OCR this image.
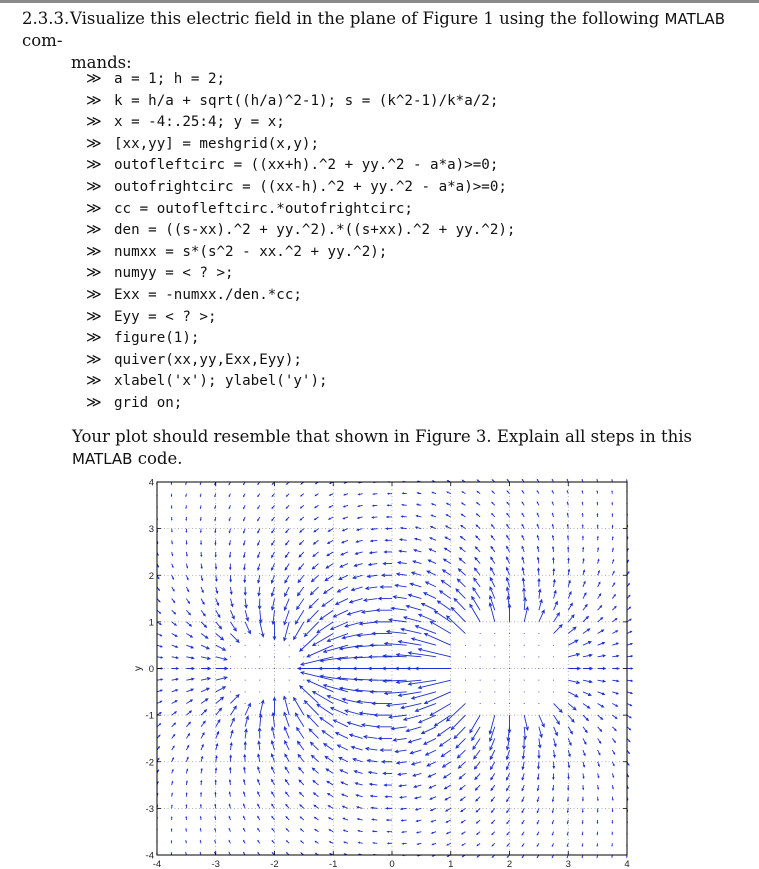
2.3.3.Visualize this electric field in the plane of Figure 1 using the following MATLAB com-
mands:
≫ a = 1; h = 2;
≫ k = h/a + sqrt((h/a)^2-1); s = (k^2-1)/k*a/2;
≫ x = -4:.25:4; y = x;
≫ [xx,yy] = meshgrid(x,y);
≫ outofleftcirc = ((xx+h).^2 + yy.^2 - a*a)>=0;
≫ outofrightcirc = ((xx-h).^2 + yy.^2 - a*a)>=0;
≫ cc = outofleftcirc.*outofrightcirc;
≫ den = ((s-xx).^2 + yy.^2).*((s+xx).^2 + yy.^2);
≫ numxx = s*(s^2 - xx.^2 + yy.^2);
≫ numyy = < ? >;
≫ Exx = -numxx./den.*cc;
≫ Eyy = < ? >;
≫ figure(1);
≫ quiver(xx,yy,Exx,Eyy);
≫ xlabel('x'); ylabel('y');
≫ grid on;
Your plot should resemble that shown in Figure 3. Explain all steps in this MATLAB code.
-4	-3	-2	-1	0	1	2	3	4
-4
-3
-2
-1
0
1
2
3
4
y
